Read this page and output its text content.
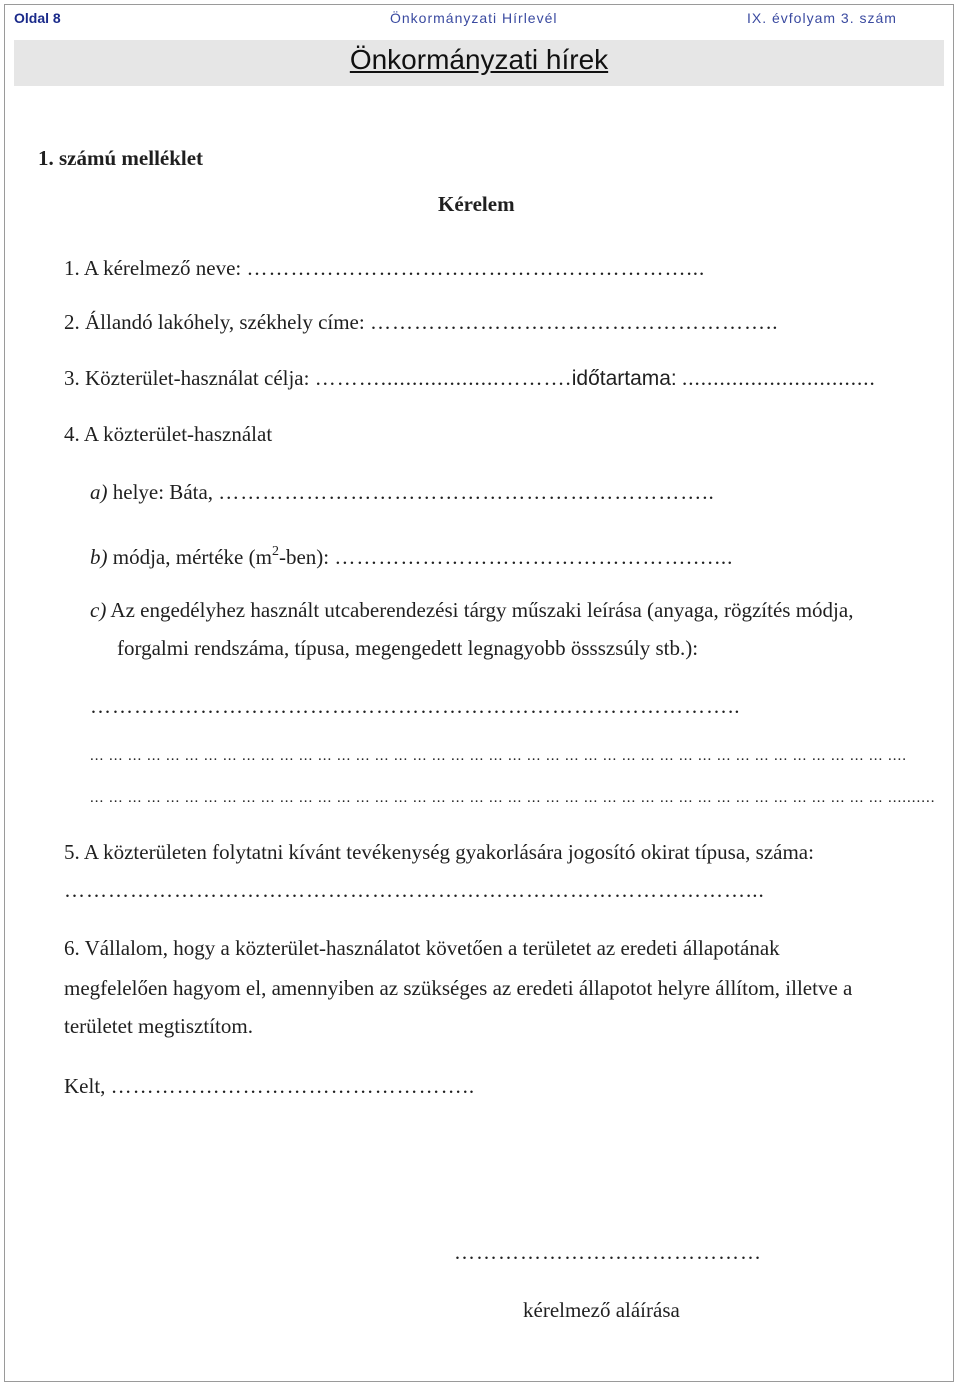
Oldal 8	Önkormányzati Hírlevél	IX. évfolyam 3. szám
Önkormányzati hírek
1. számú melléklet
Kérelem
1. A kérelmező neve: ……………………………………………………...
2. Állandó lakóhely, székhely címe: ………………………………………………..
3. Közterület-használat célja: ………...................……….időtartama: ...............................
4. A közterület-használat
a) helye: Báta, …………………………………………………………..
b) módja, mértéke $(m^2-ben)$: ………………………………………….…...
c) Az engedélyhez használt utcaberendezési tárgy műszaki leírása (anyaga, rögzítés módja,
forgalmi rendszáma, típusa, megengedett legnagyobb össszsúly stb.):
……………………………………………………………………………..
... ... ... ... ... ... ... ... ... ... ... ... ... ... ... ... ... ... ... ... ... ... ... ... ... ... ... ... ... ... ... ... ... ... ... ... ... ... ... ... ... ... ....
... ... ... ... ... ... ... ... ... ... ... ... ... ... ... ... ... ... ... ... ... ... ... ... ... ... ... ... ... ... ... ... ... ... ... ... ... ... ... ... ... ... ..........
5. A közterületen folytatni kívánt tevékenység gyakorlására jogosító okirat típusa, száma:
…………………………………………………………………………………...
6. Vállalom, hogy a közterület-használatot követően a területet az eredeti állapotának
megfelelően hagyom el, amennyiben az szükséges az eredeti állapotot helyre állítom, illetve a
területet megtisztítom.
Kelt, …………………………………………..
……………………………………
kérelmező aláírása
